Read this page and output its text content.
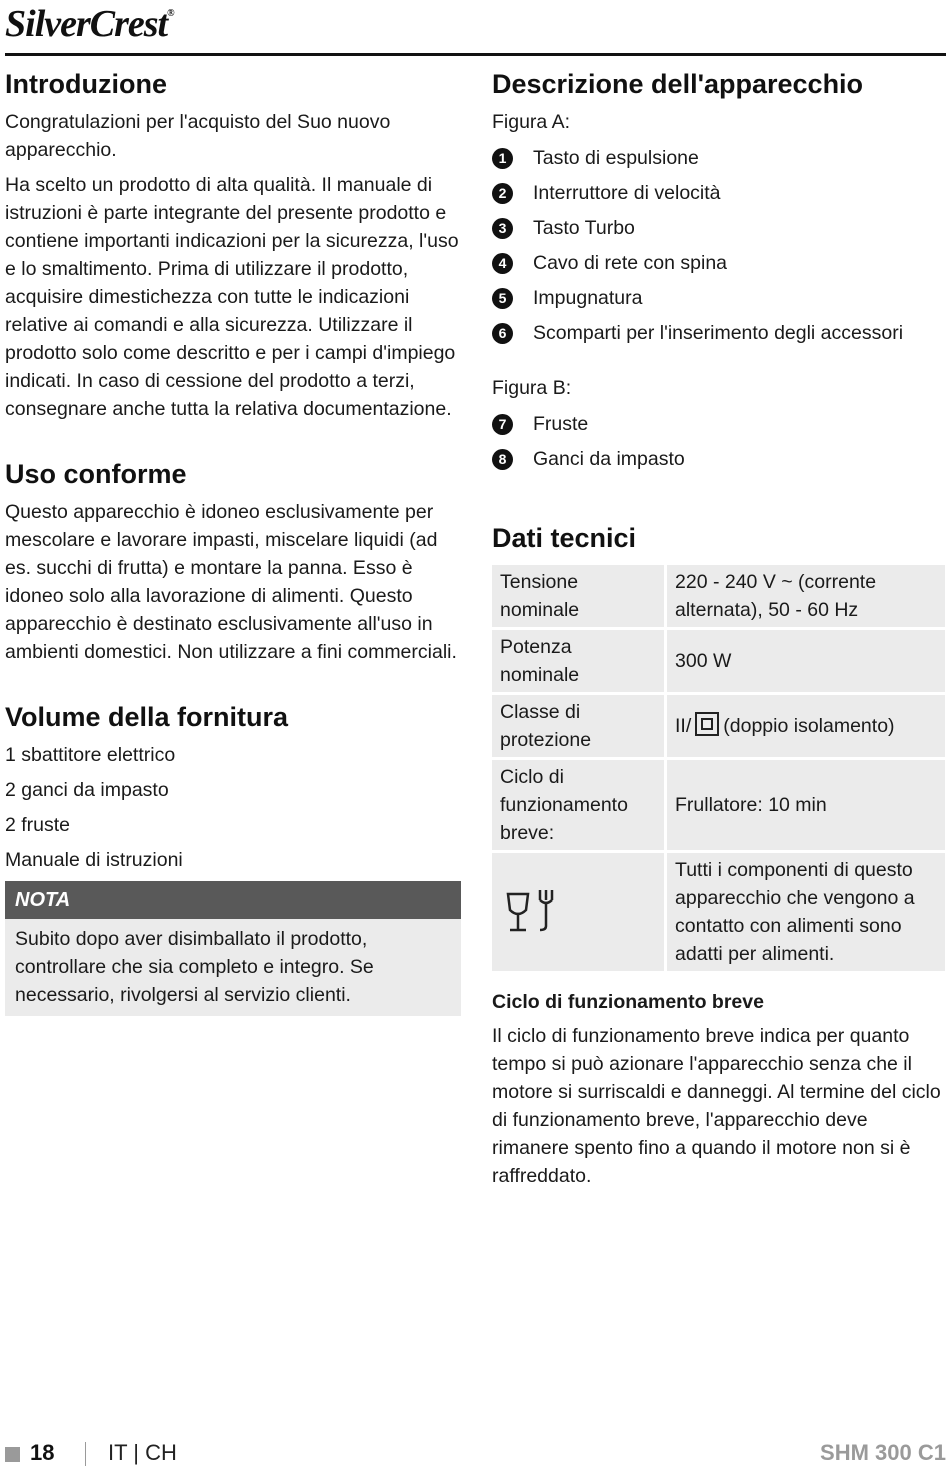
SilverCrest®
Introduzione

Congratulazioni per l'acquisto del Suo nuovo apparecchio.

Ha scelto un prodotto di alta qualità. Il manuale di istruzioni è parte integrante del presente prodotto e contiene importanti indicazioni per la sicurezza, l'uso e lo smaltimento. Prima di utilizzare il prodotto, acquisire dimestichezza con tutte le indicazioni relative ai comandi e alla sicurezza. Utilizzare il prodotto solo come descritto e per i campi d'impiego indicati. In caso di cessione del prodotto a terzi, consegnare anche tutta la relativa documentazione.

Uso conforme

Questo apparecchio è idoneo esclusivamente per mescolare e lavorare impasti, miscelare liquidi (ad es. succhi di frutta) e montare la panna. Esso è idoneo solo alla lavorazione di alimenti. Questo apparecchio è destinato esclusivamente all'uso in ambienti domestici. Non utilizzare a fini commerciali.

Volume della fornitura
1 sbattitore elettrico
2 ganci da impasto
2 fruste
Manuale di istruzioni
NOTA

Subito dopo aver disimballato il prodotto, controllare che sia completo e integro. Se necessario, rivolgersi al servizio clienti.

Descrizione dell'apparecchio
Figura A:
1	Tasto di espulsione
2	Interruttore di velocità
3	Tasto Turbo
4	Cavo di rete con spina
5	Impugnatura
6	Scomparti per l'inserimento degli accessori
Figura B:
7	Fruste
8	Ganci da impasto
Dati tecnici
Tensione nominale	220 - 240 V ~ (corrente alternata), 50 - 60 Hz
Potenza nominale	300 W
Classe di protezione	II/ (doppio isolamento)
Ciclo di funzionamento breve:	Frullatore: 10 min

	Tutti i componenti di questo apparecchio che vengono a contatto con alimenti sono adatti per alimenti.
Ciclo di funzionamento breve

Il ciclo di funzionamento breve indica per quanto tempo si può azionare l'apparecchio senza che il motore si surriscaldi e danneggi. Al termine del ciclo di funzionamento breve, l'apparecchio deve rimanere spento fino a quando il motore non si è raffreddato.

18 IT | CH	SHM 300 C1
